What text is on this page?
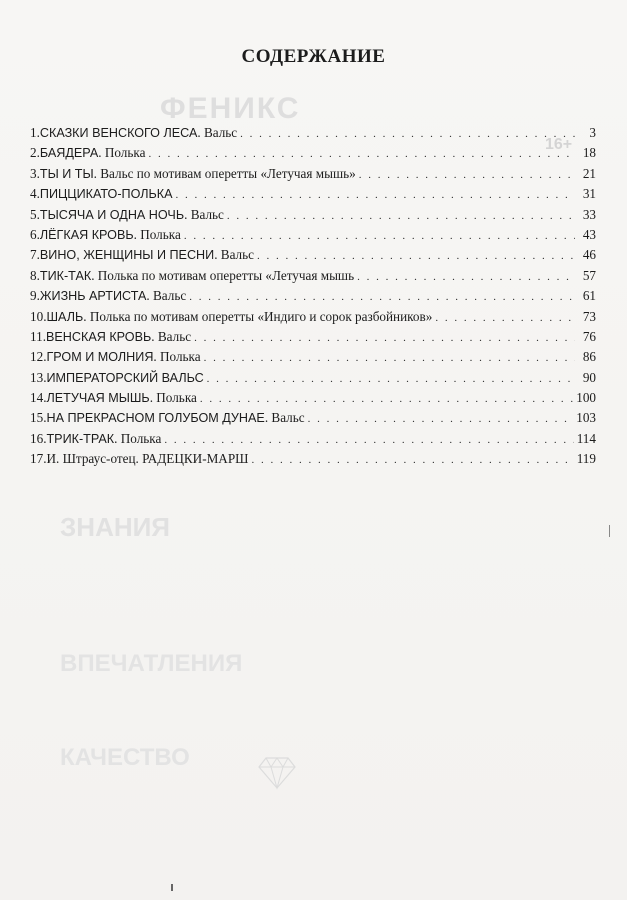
ФЕНИКС
16+
ЗНАНИЯ
ВПЕЧАТЛЕНИЯ
КАЧЕСТВО
СОДЕРЖАНИЕ
1. СКАЗКИ ВЕНСКОГО ЛЕСА . Вальс . . .	3
2. БАЯДЕРА . Полька . . .	18
3. ТЫ И ТЫ . Вальс по мотивам оперетты «Летучая мышь» . . .	21
4. ПИЦЦИКАТО-ПОЛЬКА . . .	31
5. ТЫСЯЧА И ОДНА НОЧЬ . Вальс . . .	33
6. ЛЁГКАЯ КРОВЬ . Полька . . .	43
7. ВИНО, ЖЕНЩИНЫ И ПЕСНИ . Вальс . . .	46
8. ТИК-ТАК . Полька по мотивам оперетты «Летучая мышь . . .	57
9. ЖИЗНЬ АРТИСТА . Вальс . . .	61
10. ШАЛЬ . Полька по мотивам оперетты «Индиго и сорок разбойников» . . .	73
11. ВЕНСКАЯ КРОВЬ . Вальс . . .	76
12. ГРОМ И МОЛНИЯ . Полька . . .	86
13. ИМПЕРАТОРСКИЙ ВАЛЬС . . .	90
14. ЛЕТУЧАЯ МЫШЬ . Полька . . .	100
15. НА ПРЕКРАСНОМ ГОЛУБОМ ДУНАЕ . Вальс . . .	103
16. ТРИК-ТРАК . Полька . . .	114
17. И. Штраус-отец. РАДЕЦКИ-МАРШ . . .	119
